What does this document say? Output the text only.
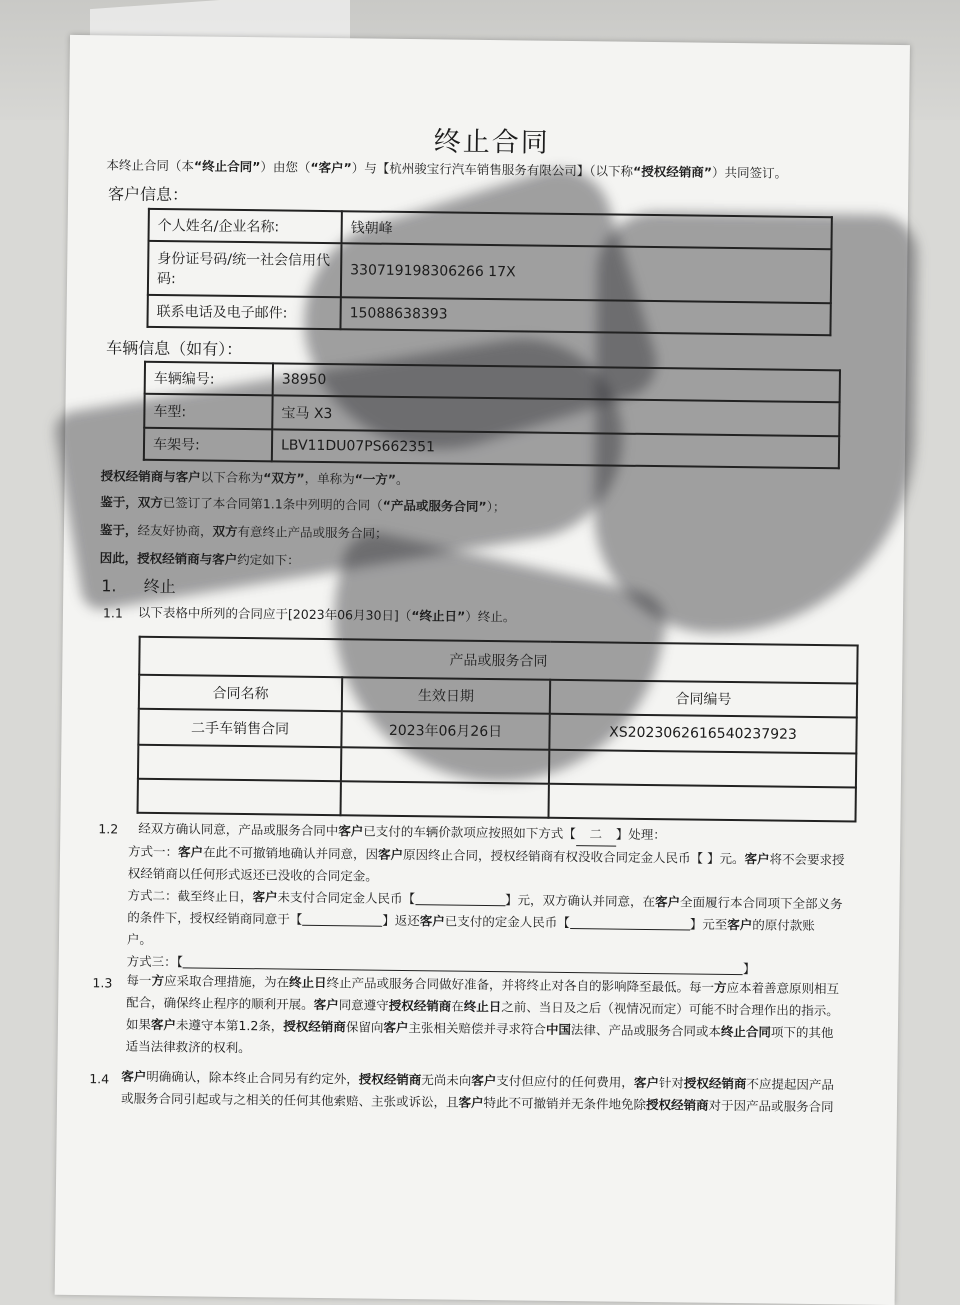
终止合同
本终止合同（本“终止合同”）由您（“客户”）与【杭州骏宝行汽车销售服务有限公司】（以下称“授权经销商”）共同签订。
客户信息：
个人姓名/企业名称:	钱朝峰
身份证号码/统一社会信用代码:	330719198306266 17X
联系电话及电子邮件:	15088638393
车辆信息（如有）：
车辆编号:	38950
车型:	宝马 X3
车架号:	LBV11DU07PS662351
授权经销商与客户以下合称为“双方”，单称为“一方”。
鉴于，双方已签订了本合同第1.1条中列明的合同（“产品或服务合同”）；
鉴于，经友好协商，双方有意终止产品或服务合同；
因此，授权经销商与客户约定如下：
1. 终止
1.1 以下表格中所列的合同应于[2023年06月30日]（“终止日”）终止。
产品或服务合同		
合同名称	生效日期	合同编号
二手车销售合同	2023年06月26日	XS2023062616540237923

1.2 经双方确认同意，产品或服务合同中客户已支付的车辆价款项应按照如下方式【 二 】处理：
方式一：客户在此不可撤销地确认并同意，因客户原因终止合同，授权经销商有权没收合同定金人民币【 】元。客户将不会要求授
权经销商以任何形式返还已没收的合同定金。
方式二：截至终止日，客户未支付合同定金人民币【	】元，双方确认并同意，在客户全面履行本合同项下全部义务
的条件下，授权经销商同意于【	】返还客户已支付的定金人民币【	】元至客户的原付款账
户。
方式三：【	】
1.3 每一方应采取合理措施，为在终止日终止产品或服务合同做好准备，并将终止对各自的影响降至最低。每一方应本着善意原则相互
配合，确保终止程序的顺利开展。客户同意遵守授权经销商在终止日之前、当日及之后（视情况而定）可能不时合理作出的指示。
如果客户未遵守本第1.2条，授权经销商保留向客户主张相关赔偿并寻求符合中国法律、产品或服务合同或本终止合同项下的其他
适当法律救济的权利。
1.4 客户明确确认，除本终止合同另有约定外，授权经销商无尚未向客户支付但应付的任何费用，客户针对授权经销商不应提起因产品
或服务合同引起或与之相关的任何其他索赔、主张或诉讼，且客户特此不可撤销并无条件地免除授权经销商对于因产品或服务合同
